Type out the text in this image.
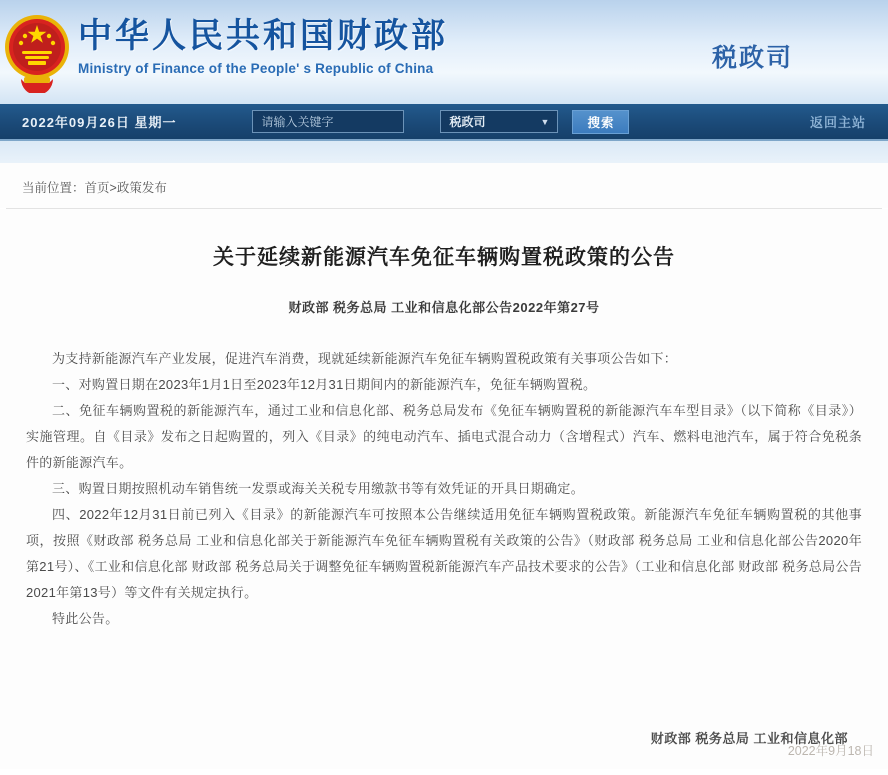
中华人民共和国财政部
Ministry of Finance of the People' s Republic of China	税政司
2022年09月26日 星期一
请输入关键字	税政司	▼	搜索	返回主站
当前位置：首页>政策发布
关于延续新能源汽车免征车辆购置税政策的公告
财政部 税务总局 工业和信息化部公告2022年第27号

为支持新能源汽车产业发展，促进汽车消费，现就延续新能源汽车免征车辆购置税政策有关事项公告如下：

一、对购置日期在2023年1月1日至2023年12月31日期间内的新能源汽车，免征车辆购置税。

二、免征车辆购置税的新能源汽车，通过工业和信息化部、税务总局发布《免征车辆购置税的新能源汽车车型目录》（以下简称《目录》）实施管理。自《目录》发布之日起购置的，列入《目录》的纯电动汽车、插电式混合动力（含增程式）汽车、燃料电池汽车，属于符合免税条件的新能源汽车。

三、购置日期按照机动车销售统一发票或海关关税专用缴款书等有效凭证的开具日期确定。

四、2022年12月31日前已列入《目录》的新能源汽车可按照本公告继续适用免征车辆购置税政策。新能源汽车免征车辆购置税的其他事项，按照《财政部 税务总局 工业和信息化部关于新能源汽车免征车辆购置税有关政策的公告》（财政部 税务总局 工业和信息化部公告2020年第21号）、《工业和信息化部 财政部 税务总局关于调整免征车辆购置税新能源汽车产品技术要求的公告》（工业和信息化部 财政部 税务总局公告2021年第13号）等文件有关规定执行。

特此公告。

财政部 税务总局 工业和信息化部
2022年9月18日
